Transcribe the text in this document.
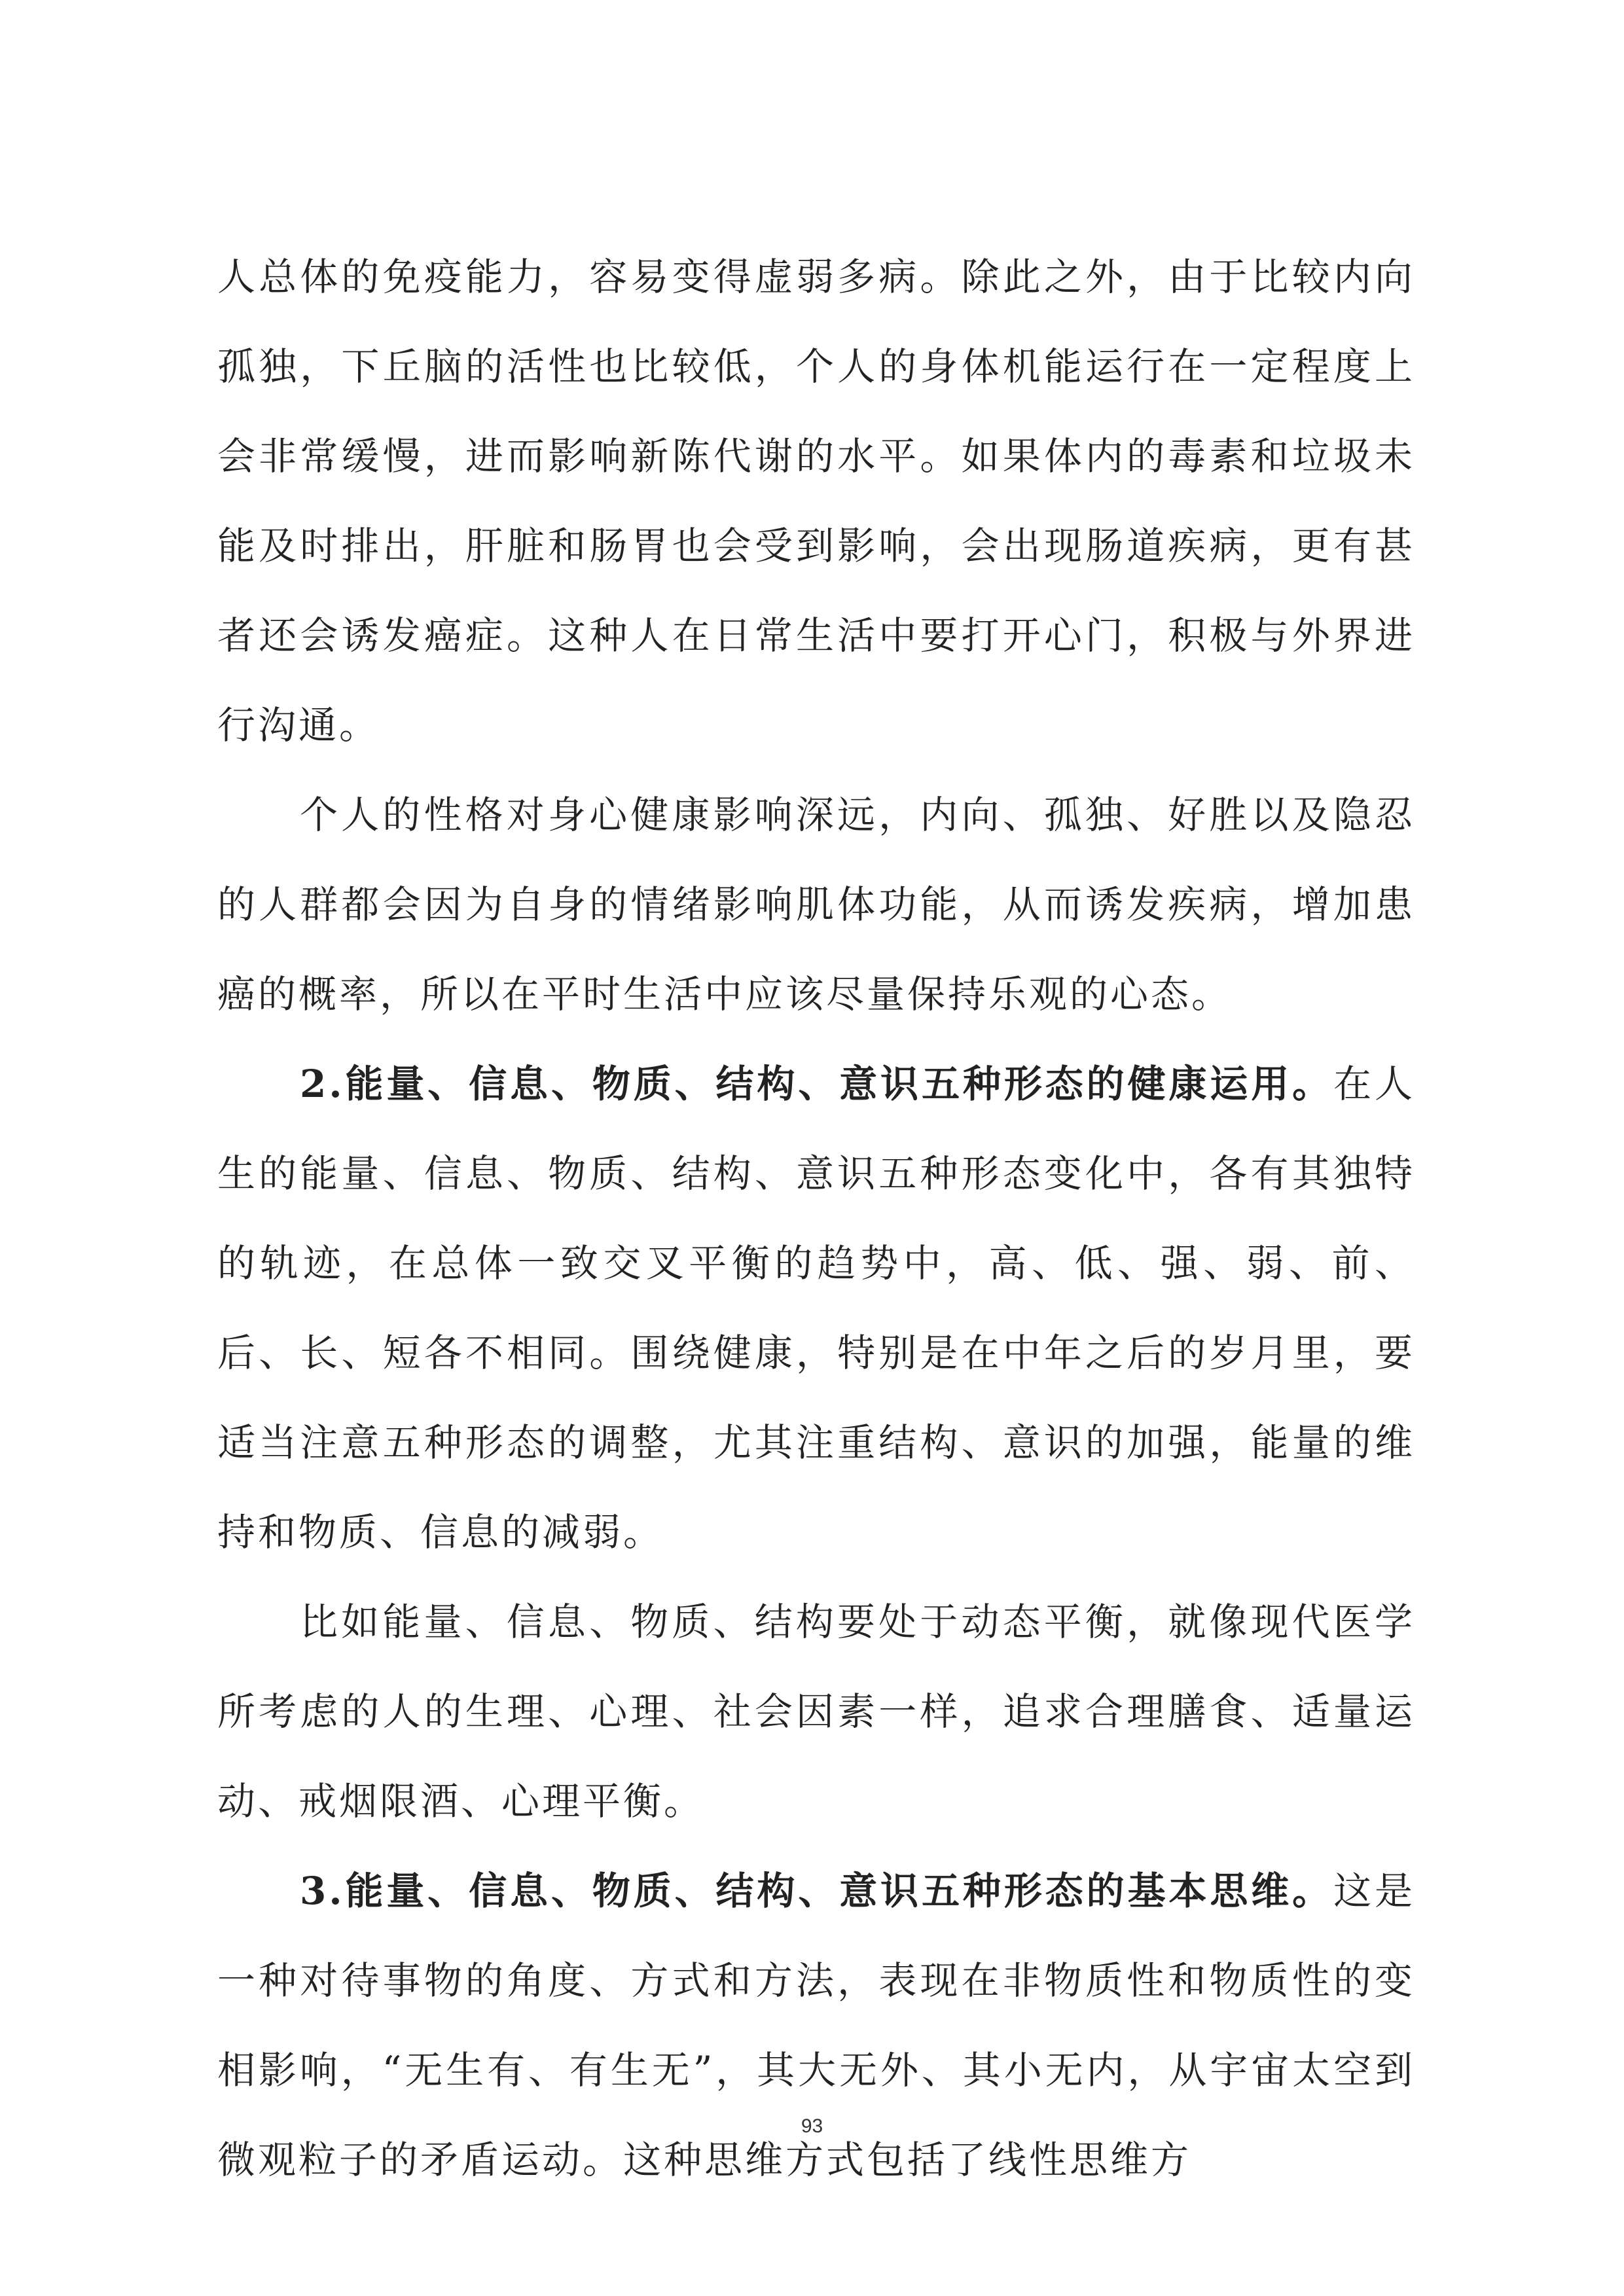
人总体的免疫能力，容易变得虚弱多病。除此之外，由于比较内向孤独，下丘脑的活性也比较低，个人的身体机能运行在一定程度上会非常缓慢，进而影响新陈代谢的水平。如果体内的毒素和垃圾未能及时排出，肝脏和肠胃也会受到影响，会出现肠道疾病，更有甚者还会诱发癌症。这种人在日常生活中要打开心门，积极与外界进行沟通。

个人的性格对身心健康影响深远，内向、孤独、好胜以及隐忍的人群都会因为自身的情绪影响肌体功能，从而诱发疾病，增加患癌的概率，所以在平时生活中应该尽量保持乐观的心态。

2.能量、信息、物质、结构、意识五种形态的健康运用。在人生的能量、信息、物质、结构、意识五种形态变化中，各有其独特的轨迹，在总体一致交叉平衡的趋势中，高、低、强、弱、前、后、长、短各不相同。围绕健康，特别是在中年之后的岁月里，要适当注意五种形态的调整，尤其注重结构、意识的加强，能量的维持和物质、信息的减弱。

比如能量、信息、物质、结构要处于动态平衡，就像现代医学所考虑的人的生理、心理、社会因素一样，追求合理膳食、适量运动、戒烟限酒、心理平衡。

3.能量、信息、物质、结构、意识五种形态的基本思维。这是一种对待事物的角度、方式和方法，表现在非物质性和物质性的变相影响，“无生有、有生无”，其大无外、其小无内，从宇宙太空到微观粒子的矛盾运动。这种思维方式包括了线性思维方

93
